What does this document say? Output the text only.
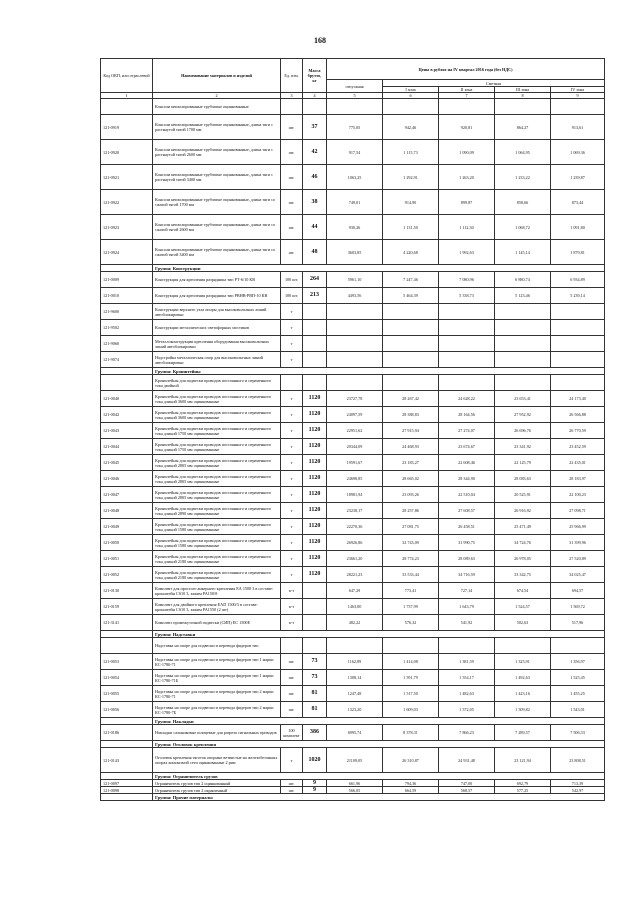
168
Код ОКП, или отраслевой	Наименование материалов и изделий	Ед. изм.	Масса брутто, кг	Цены в рублях на IV квартал 2016 года (без НДС)				
				отпускная	Сметная			
					I зона	II зона	III зона	IV зона
1	2	3	4	5	6	7	8	9
	Консоли неизолированные трубчатые оцинкованные							
121-0919	Консоли неизолированные трубчатые оцинкованные, длина тяги с растянутой тягой 1700 мм	шт.	37	775,05	942,46	920,81	864,27	913,61
121-0920	Консоли неизолированные трубчатые оцинкованные, длина тяги с растянутой тягой 2600 мм	шт.	42	917,54	1 115,73	1 090,09	1 064,95	1 069,36
121-0921	Консоли неизолированные трубчатые оцинкованные, длина тяги с растянутой тягой 3400 мм	шт.	46	1063,25	1 292,91	1 263,20	1 233,22	1 239,87
121-0922	Консоли неизолированные трубчатые оцинкованные, длина тяги со сжатой тягой 1700 мм	шт.	38	749,01	914,90	899,87	858,66	873,44
121-0923	Консоли неизолированные трубчатые оцинкованные, длина тяги со сжатой тягой 2600 мм	шт.	44	930,26	1 131,50	1 112,30	1 068,72	1 091,80
121-0924	Консоли неизолированные трубчатые оцинкованные, длина тяги со сжатой тягой 3400 мм	шт.	48	3603,85	4 220,68	1 992,63	1 145,14	1 879,81
	Группа: Конструкции							
121-0009	Конструкция для крепления разрядника тип РТ-6/10 КВ	100 шт.	264	5961,10	7 247,46	7 080,96	6 880,74	6 934,89
121-0010	Конструкция для крепления разрядника тип РВНВ-РВП-10 КВ	100 шт.	213	4493,56	5 464,39	5 338,73	5 123,46	5 239,14
121-9600	Конструкции верхнего узла опоры для высоковольтных линий автоблокировки	т						
121-9502	Конструкции металлических светофорных мостиков	т						
121-9060	Металлоконструкции крепления оборудования высоковольтных линий автоблокировки	т						
121-9074	Надстройка металлическая опор для высоковольтных линий автоблокировки	т						
	Группа: Кронштейны							
	Кронштейны для подвески проводов постоянного и переменного тока двойной							
121-0040	Кронштейны для подвески проводов постоянного и переменного тока длиной 3600 мм оцинкованные	т	1120	23727,78	28 267,42	24 628,22	23 653,41	24 173,40
121-0042	Кронштейны для подвески проводов постоянного и переменного тока длиной 3600 мм оцинкованные	т	1120	24097,59	28 388,83	28 164,56	27 952,92	26 566,88
121-0043	Кронштейны для подвески проводов постоянного и переменного тока длиной 1750 мм оцинкованные	т	1120	22951,62	27 915,94	27 274,07	26 696,76	26 770,59
121-0044	Кронштейны для подвески проводов постоянного и переменного тока длиной 1750 мм оцинкованные	т	1120	20344,09	24 468,93	23 674,67	23 341,92	23 452,59
121-0045	Кронштейны для подвески проводов постоянного и переменного тока длиной 2805 мм оцинкованные	т	1120	19591,67	23 183,27	22 608,46	22 125,79	22 435,01
121-0046	Кронштейны для подвески проводов постоянного и переменного тока длиной 2805 мм оцинкованные	т	1120	24698,85	28 665,02	28 344,90	28 083,63	28 183,97
121-0047	Кронштейны для подвески проводов постоянного и переменного тока длиной 2805 мм оцинкованные	т	1120	18981,94	23 093,26	22 510,04	20 525,91	22 100,23
121-0048	Кронштейны для подвески проводов постоянного и переменного тока длиной 2890 мм оцинкованные	т	1120	23238,17	28 257,86	27 608,57	26 916,92	27 098,71
121-0049	Кронштейны для подвески проводов постоянного и переменного тока длиной 1580 мм оцинкованные	т	1120	22270,36	27 081,75	26 458,51	25 471,49	25 966,99
121-0050	Кронштейны для подвески проводов постоянного и переменного тока длиной 1580 мм оцинкованные	т	1120	26926,86	32 743,09	31 990,75	34 724,76	31 399,96
121-0051	Кронштейны для подвески проводов постоянного и переменного тока длиной 2180 мм оцинкованные	т	1120	23661,20	28 774,23	28 089,63	26 978,05	27 520,89
121-0052	Кронштейны для подвески проводов постоянного и переменного тока длиной 2180 мм оцинкованные	т	1120	28221,23	33 533,44	34 716,59	33 342,75	34 025,47
121-0130	Комплект для простого анкерного крепления ЕА 1500 3 в составе: кронштейн CS10 3, зажим PA150/8	к-т		647,29	773,41	727,14	674,54	694,57
121-0159	Комплект для двойного крепления EAD 1500/3 в составе: кронштейн CS10 3, зажим PA1550 (2 шт)	к-т		1463,00	1 737,99	1 643,79	1 524,57	1 569,72
121-3141	Комплект промежуточной подвески (СИП) ЕС 1500Е	к-т		482,22	576,32	541,92	502,63	517,96
	Группа: Надставки							
	Надставка на опоре для подвески и перевода фидеров тип							
121-0053	Надставка на опоре для подвески и перевода фидеров тип 1 марки КС-1780-71	шт.	73	1162,89	1 414,08	1 381,59	1 325,91	1 356,97
121-0054	Надставка на опоре для подвески и перевода фидеров тип 1 марки КС-1780-71Б	шт.	73	1308,14	1 591,79	1 554,17	1 492,63	1 525,45
121-0055	Надставка на опоре для подвески и перевода фидеров тип 2 марки КС-1780-71	шт.	81	1247,48	1 517,50	1 482,63	1 423,16	1 455,25
121-0056	Надставка на опоре для подвески и перевода фидеров тип 2 марки КС-1780-7Б	шт.	81	1323,20	1 609,03	1 572,05	1 509,82	1 543,01
	Группа: Накладки							
121-0186	Накладки сальниковые шлицевые для разреза сигнальных проводов	100 комплект	386	6995,74	8 378,31	7 866,23	7 289,57	7 506,33
	Группа: Оголовок крепления							
121-0143	Оголовок крепления тяготок опорные ветвистые на железобетонных опорах контактной сети оцинкованные 2 рим	т	1020	21109,05	26 310,87	24 931,48	23 121,94	23 808,51
	Группа: Ограничитель грузов							
121-0097	Ограничитель грузов тип 2 оцинкованный	шт.	9	661,96	794,36	747,00	692,79	713,39
121-0098	Ограничитель грузов тип 2 окрашенный	шт.	9	566,05	664,59	568,57	577,25	542,97
	Группа: Прочие материалы							
